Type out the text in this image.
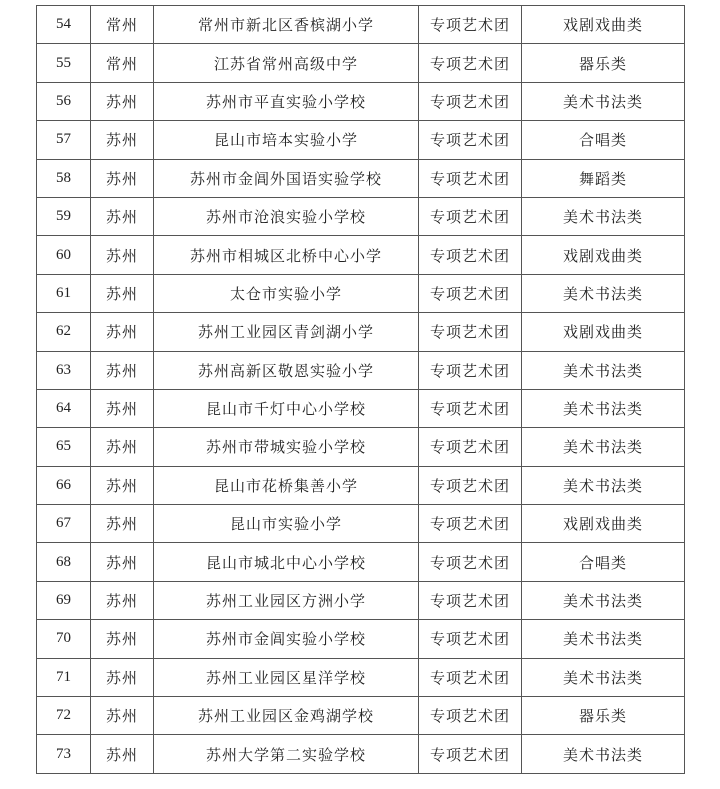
54	常州	常州市新北区香槟湖小学	专项艺术团	戏剧戏曲类
55	常州	江苏省常州高级中学	专项艺术团	器乐类
56	苏州	苏州市平直实验小学校	专项艺术团	美术书法类
57	苏州	昆山市培本实验小学	专项艺术团	合唱类
58	苏州	苏州市金阊外国语实验学校	专项艺术团	舞蹈类
59	苏州	苏州市沧浪实验小学校	专项艺术团	美术书法类
60	苏州	苏州市相城区北桥中心小学	专项艺术团	戏剧戏曲类
61	苏州	太仓市实验小学	专项艺术团	美术书法类
62	苏州	苏州工业园区青剑湖小学	专项艺术团	戏剧戏曲类
63	苏州	苏州高新区敬恩实验小学	专项艺术团	美术书法类
64	苏州	昆山市千灯中心小学校	专项艺术团	美术书法类
65	苏州	苏州市带城实验小学校	专项艺术团	美术书法类
66	苏州	昆山市花桥集善小学	专项艺术团	美术书法类
67	苏州	昆山市实验小学	专项艺术团	戏剧戏曲类
68	苏州	昆山市城北中心小学校	专项艺术团	合唱类
69	苏州	苏州工业园区方洲小学	专项艺术团	美术书法类
70	苏州	苏州市金阊实验小学校	专项艺术团	美术书法类
71	苏州	苏州工业园区星洋学校	专项艺术团	美术书法类
72	苏州	苏州工业园区金鸡湖学校	专项艺术团	器乐类
73	苏州	苏州大学第二实验学校	专项艺术团	美术书法类
